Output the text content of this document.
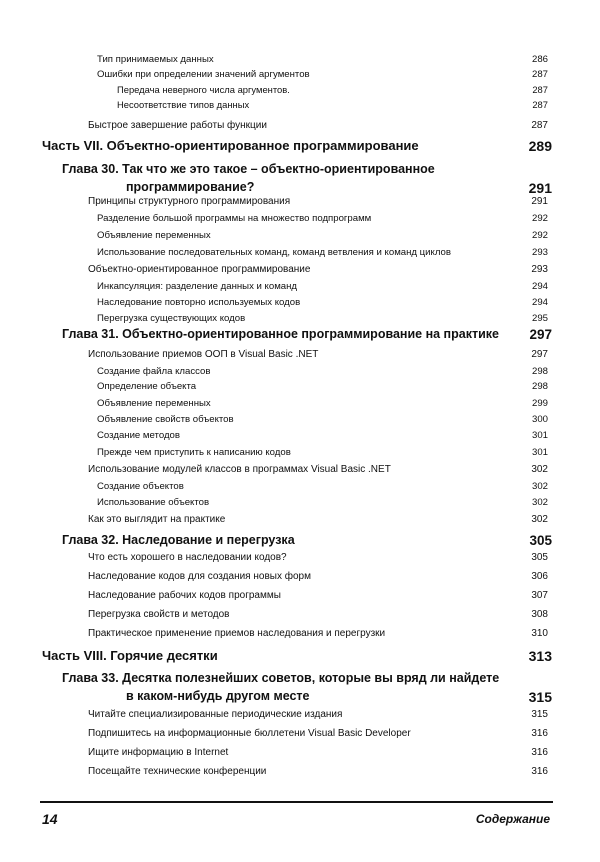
Тип принимаемых данных	286
Ошибки при определении значений аргументов	287
Передача неверного числа аргументов.	287
Несоответствие типов данных	287
Быстрое завершение работы функции	287
Часть VII. Объектно-ориентированное программирование	289
Глава 30. Так что же это такое – объектно-ориентированное
программирование?	291
Принципы структурного программирования	291
Разделение большой программы на множество подпрограмм	292
Объявление переменных	292
Использование последовательных команд, команд ветвления и команд циклов	293
Объектно-ориентированное программирование	293
Инкапсуляция: разделение данных и команд	294
Наследование повторно используемых кодов	294
Перегрузка существующих кодов	295
Глава 31. Объектно-ориентированное программирование на практике 297
Использование приемов ООП в Visual Basic .NET	297
Создание файла классов	298
Определение объекта	298
Объявление переменных	299
Объявление свойств объектов	300
Создание методов	301
Прежде чем приступить к написанию кодов	301
Использование модулей классов в программах Visual Basic .NET	302
Создание объектов	302
Использование объектов	302
Как это выглядит на практике	302
Глава 32. Наследование и перегрузка	305
Что есть хорошего в наследовании кодов?	305
Наследование кодов для создания новых форм	306
Наследование рабочих кодов программы	307
Перегрузка свойств и методов	308
Практическое применение приемов наследования и перегрузки	310
Часть VIII. Горячие десятки	313
Глава 33. Десятка полезнейших советов, которые вы вряд ли найдете
в каком-нибудь другом месте	315
Читайте специализированные периодические издания	315
Подпишитесь на информационные бюллетени Visual Basic Developer	316
Ищите информацию в Internet	316
Посещайте технические конференции	316
14	Содержание
